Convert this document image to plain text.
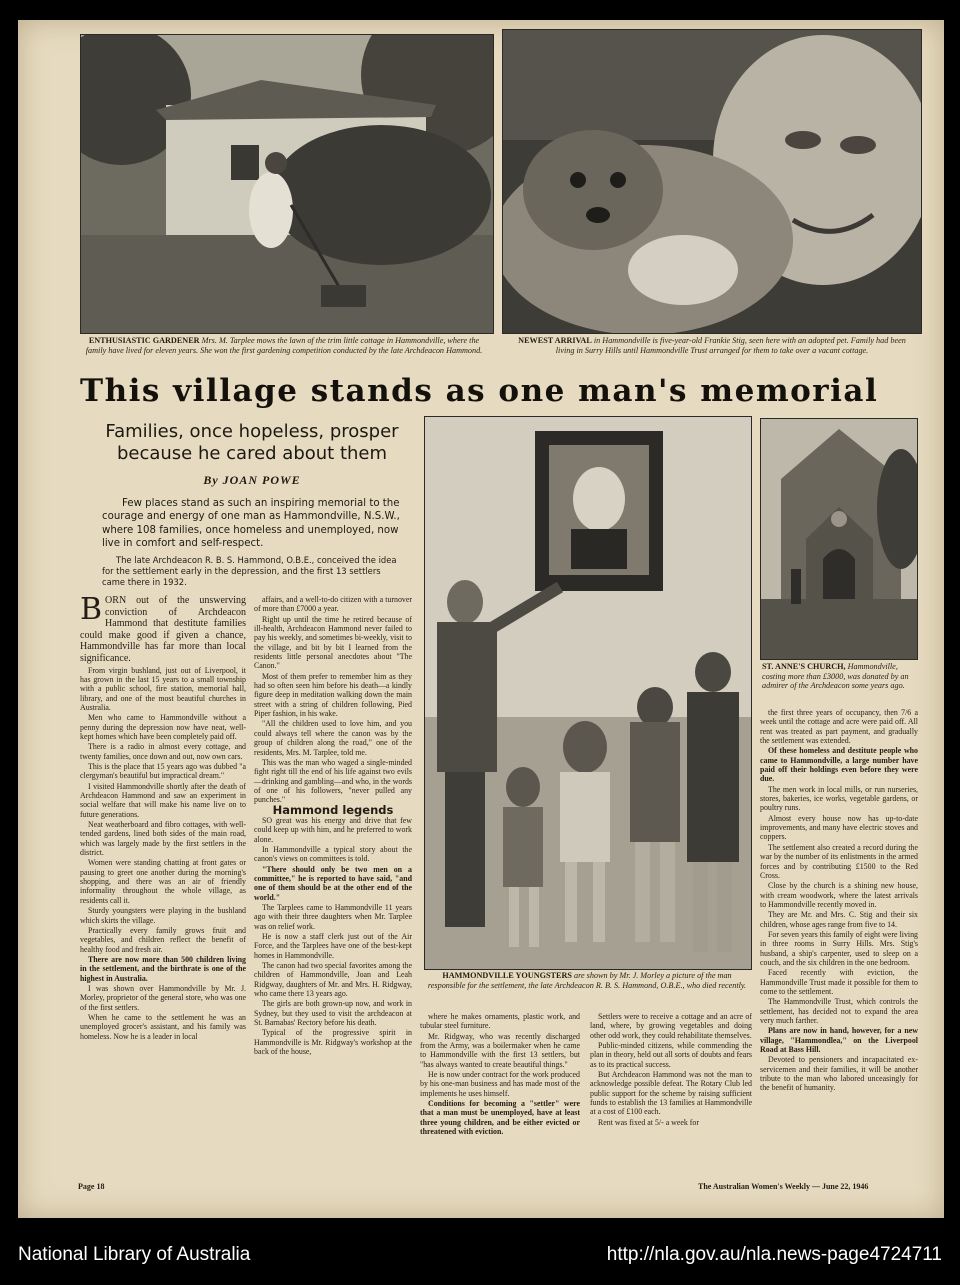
ENTHUSIASTIC GARDENER Mrs. M. Tarplee mows the lawn of the trim little cottage in Hammondville, where the family have lived for eleven years. She won the first gardening competition conducted by the late Archdeacon Hammond.
NEWEST ARRIVAL in Hammondville is five-year-old Frankie Stig, seen here with an adopted pet. Family had been living in Surry Hills until Hammondville Trust arranged for them to take over a vacant cottage.
This village stands as one man's memorial
Families, once hopeless, prosper because he cared about them
By JOAN POWE
Few places stand as such an inspiring memorial to the courage and energy of one man as Hammondville, N.S.W., where 108 families, once homeless and unemployed, now live in comfort and self-respect.
The late Archdeacon R. B. S. Hammond, O.B.E., conceived the idea for the settlement early in the depression, and the first 13 settlers came there in 1932.

BORN out of the unswerving conviction of Archdeacon Hammond that destitute families could make good if given a chance, Hammondville has far more than local significance.

From virgin bushland, just out of Liverpool, it has grown in the last 15 years to a small township with a public school, fire station, memorial hall, library, and one of the most beautiful churches in Australia.

Men who came to Hammondville without a penny during the depression now have neat, well-kept homes which have been completely paid off.

There is a radio in almost every cottage, and twenty families, once down and out, now own cars.

This is the place that 15 years ago was dubbed "a clergyman's beautiful but impractical dream."

I visited Hammondville shortly after the death of Archdeacon Hammond and saw an experiment in social welfare that will make his name live on to future generations.

Neat weatherboard and fibro cottages, with well-tended gardens, lined both sides of the main road, which was largely made by the first settlers in the district.

Women were standing chatting at front gates or pausing to greet one another during the morning's shopping, and there was an air of friendly informality throughout the whole village, as residents call it.

Sturdy youngsters were playing in the bushland which skirts the village.

Practically every family grows fruit and vegetables, and children reflect the benefit of healthy food and fresh air.

There are now more than 500 children living in the settlement, and the birthrate is one of the highest in Australia.

I was shown over Hammondville by Mr. J. Morley, proprietor of the general store, who was one of the first settlers.

When he came to the settlement he was an unemployed grocer's assistant, and his family was homeless. Now he is a leader in local

affairs, and a well-to-do citizen with a turnover of more than £7000 a year.

Right up until the time he retired because of ill-health, Archdeacon Hammond never failed to pay his weekly, and sometimes bi-weekly, visit to the village, and bit by bit I learned from the residents little personal anecdotes about "The Canon."

Most of them prefer to remember him as they had so often seen him before his death—a kindly figure deep in meditation walking down the main street with a string of children following, Pied Piper fashion, in his wake.

"All the children used to love him, and you could always tell where the canon was by the group of children along the road," one of the residents, Mrs. M. Tarplee, told me.

This was the man who waged a single-minded fight right till the end of his life against two evils—drinking and gambling—and who, in the words of one of his followers, "never pulled any punches."

Hammond legends

SO great was his energy and drive that few could keep up with him, and he preferred to work alone.

In Hammondville a typical story about the canon's views on committees is told.

"There should only be two men on a committee," he is reported to have said, "and one of them should be at the other end of the world."

The Tarplees came to Hammondville 11 years ago with their three daughters when Mr. Tarplee was on relief work.

He is now a staff clerk just out of the Air Force, and the Tarplees have one of the best-kept homes in Hammondville.

The canon had two special favorites among the children of Hammondville, Joan and Leah Ridgway, daughters of Mr. and Mrs. H. Ridgway, who came there 13 years ago.

The girls are both grown-up now, and work in Sydney, but they used to visit the archdeacon at St. Barnabas' Rectory before his death.

Typical of the progressive spirit in Hammondville is Mr. Ridgway's workshop at the back of the house,

HAMMONDVILLE YOUNGSTERS are shown by Mr. J. Morley a picture of the man responsible for the settlement, the late Archdeacon R. B. S. Hammond, O.B.E., who died recently.

where he makes ornaments, plastic work, and tubular steel furniture.

Mr. Ridgway, who was recently discharged from the Army, was a boilermaker when he came to Hammondville with the first 13 settlers, but "has always wanted to create beautiful things."

He is now under contract for the work produced by his one-man business and has made most of the implements he uses himself.

Conditions for becoming a "settler" were that a man must be unemployed, have at least three young children, and be either evicted or threatened with eviction.

Settlers were to receive a cottage and an acre of land, where, by growing vegetables and doing other odd work, they could rehabilitate themselves.

Public-minded citizens, while commending the plan in theory, held out all sorts of doubts and fears as to its practical success.

But Archdeacon Hammond was not the man to acknowledge possible defeat. The Rotary Club led public support for the scheme by raising sufficient funds to establish the 13 families at Hammondville at a cost of £100 each.

Rent was fixed at 5/- a week for

ST. ANNE'S CHURCH, Hammondville, costing more than £3000, was donated by an admirer of the Archdeacon some years ago.

the first three years of occupancy, then 7/6 a week until the cottage and acre were paid off. All rent was treated as part payment, and gradually the settlement was extended.

Of these homeless and destitute people who came to Hammondville, a large number have paid off their holdings even before they were due.

The men work in local mills, or run nurseries, stores, bakeries, ice works, vegetable gardens, or poultry runs.

Almost every house now has up-to-date improvements, and many have electric stoves and coppers.

The settlement also created a record during the war by the number of its enlistments in the armed forces and by contributing £1500 to the Red Cross.

Close by the church is a shining new house, with cream woodwork, where the latest arrivals to Hammondville recently moved in.

They are Mr. and Mrs. C. Stig and their six children, whose ages range from five to 14.

For seven years this family of eight were living in three rooms in Surry Hills. Mrs. Stig's husband, a ship's carpenter, used to sleep on a couch, and the six children in the one bedroom.

Faced recently with eviction, the Hammondville Trust made it possible for them to come to the settlement.

The Hammondville Trust, which controls the settlement, has decided not to expand the area very much farther.

Plans are now in hand, however, for a new village, "Hammondlea," on the Liverpool Road at Bass Hill.

Devoted to pensioners and incapacitated ex-servicemen and their families, it will be another tribute to the man who labored unceasingly for the benefit of humanity.

Page 18	The Australian Women's Weekly — June 22, 1946
National Library of Australia	http://nla.gov.au/nla.news-page4724711
